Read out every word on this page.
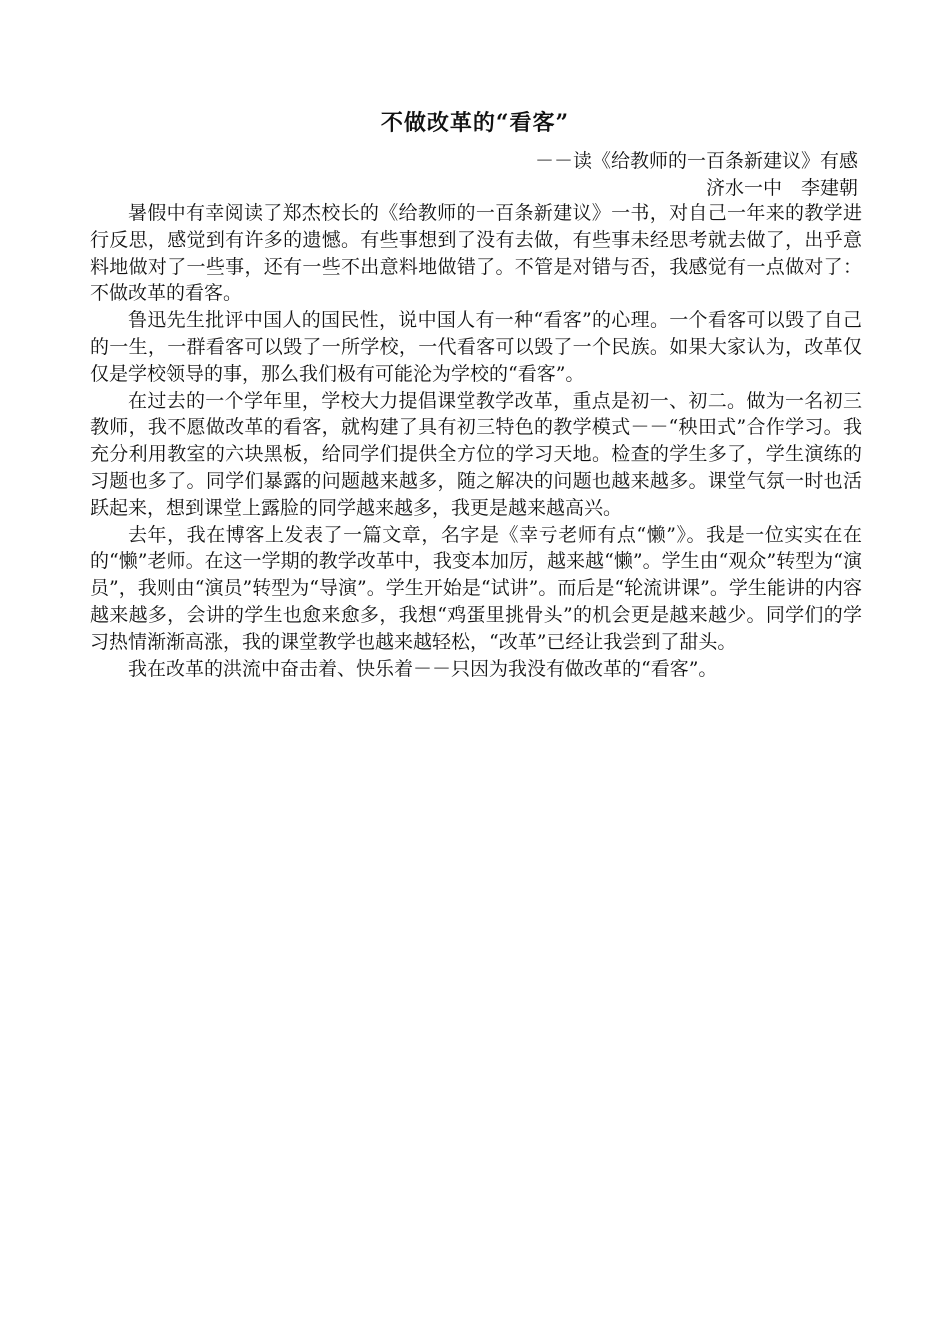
不做改革的“看客”
－－读《给教师的一百条新建议》有感
济水一中　李建朝

暑假中有幸阅读了郑杰校长的《给教师的一百条新建议》一书，对自己一年来的教学进行反思，感觉到有许多的遗憾。有些事想到了没有去做，有些事未经思考就去做了，出乎意料地做对了一些事，还有一些不出意料地做错了。不管是对错与否，我感觉有一点做对了：不做改革的看客。

鲁迅先生批评中国人的国民性，说中国人有一种“看客”的心理。一个看客可以毁了自己的一生，一群看客可以毁了一所学校，一代看客可以毁了一个民族。如果大家认为，改革仅仅是学校领导的事，那么我们极有可能沦为学校的“看客”。

在过去的一个学年里，学校大力提倡课堂教学改革，重点是初一、初二。做为一名初三教师，我不愿做改革的看客，就构建了具有初三特色的教学模式－－“秧田式”合作学习。我充分利用教室的六块黑板，给同学们提供全方位的学习天地。检查的学生多了，学生演练的习题也多了。同学们暴露的问题越来越多，随之解决的问题也越来越多。课堂气氛一时也活跃起来，想到课堂上露脸的同学越来越多，我更是越来越高兴。

去年，我在博客上发表了一篇文章，名字是《幸亏老师有点“懒”》。我是一位实实在在的“懒”老师。在这一学期的教学改革中，我变本加厉，越来越“懒”。学生由“观众”转型为“演员”，我则由“演员”转型为“导演”。学生开始是“试讲”。而后是“轮流讲课”。学生能讲的内容越来越多，会讲的学生也愈来愈多，我想“鸡蛋里挑骨头”的机会更是越来越少。同学们的学习热情渐渐高涨，我的课堂教学也越来越轻松，“改革”已经让我尝到了甜头。

我在改革的洪流中奋击着、快乐着－－只因为我没有做改革的“看客”。
